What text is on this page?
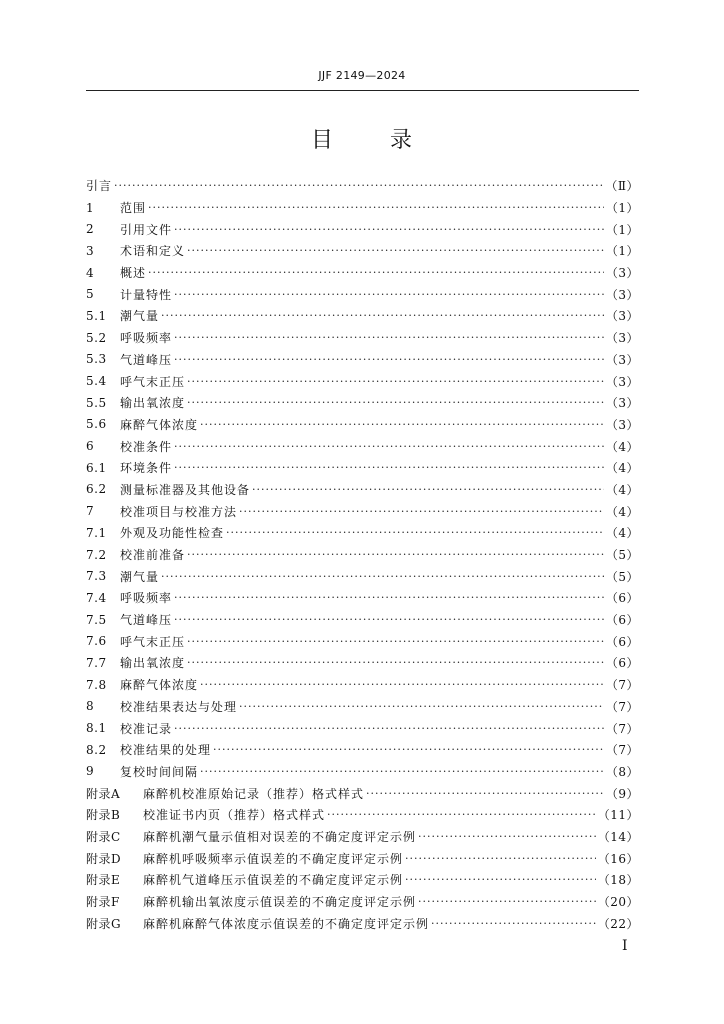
JJF 2149—2024
目	录
引言 ·····	（Ⅱ）
1	范围 ·····	（1）
2	引用文件 ·····	（1）
3	术语和定义 ·····	（1）
4	概述 ·····	（3）
5	计量特性 ·····	（3）
5.1	潮气量 ·····	（3）
5.2	呼吸频率 ·····	（3）
5.3	气道峰压 ·····	（3）
5.4	呼气末正压 ·····	（3）
5.5	输出氧浓度 ·····	（3）
5.6	麻醉气体浓度 ·····	（3）
6	校准条件 ·····	（4）
6.1	环境条件 ·····	（4）
6.2	测量标准器及其他设备 ·····	（4）
7	校准项目与校准方法 ·····	（4）
7.1	外观及功能性检查 ·····	（4）
7.2	校准前准备 ·····	（5）
7.3	潮气量 ·····	（5）
7.4	呼吸频率 ·····	（6）
7.5	气道峰压 ·····	（6）
7.6	呼气末正压 ·····	（6）
7.7	输出氧浓度 ·····	（6）
7.8	麻醉气体浓度 ·····	（7）
8	校准结果表达与处理 ·····	（7）
8.1	校准记录 ·····	（7）
8.2	校准结果的处理 ·····	（7）
9	复校时间间隔 ·····	（8）
附录A	麻醉机校准原始记录（推荐）格式样式 ·····	（9）
附录B	校准证书内页（推荐）格式样式 ·····	（11）
附录C	麻醉机潮气量示值相对误差的不确定度评定示例 ·····	（14）
附录D	麻醉机呼吸频率示值误差的不确定度评定示例 ·····	（16）
附录E	麻醉机气道峰压示值误差的不确定度评定示例 ·····	（18）
附录F	麻醉机输出氧浓度示值误差的不确定度评定示例 ·····	（20）
附录G	麻醉机麻醉气体浓度示值误差的不确定度评定示例 ·····	（22）
Ⅰ
